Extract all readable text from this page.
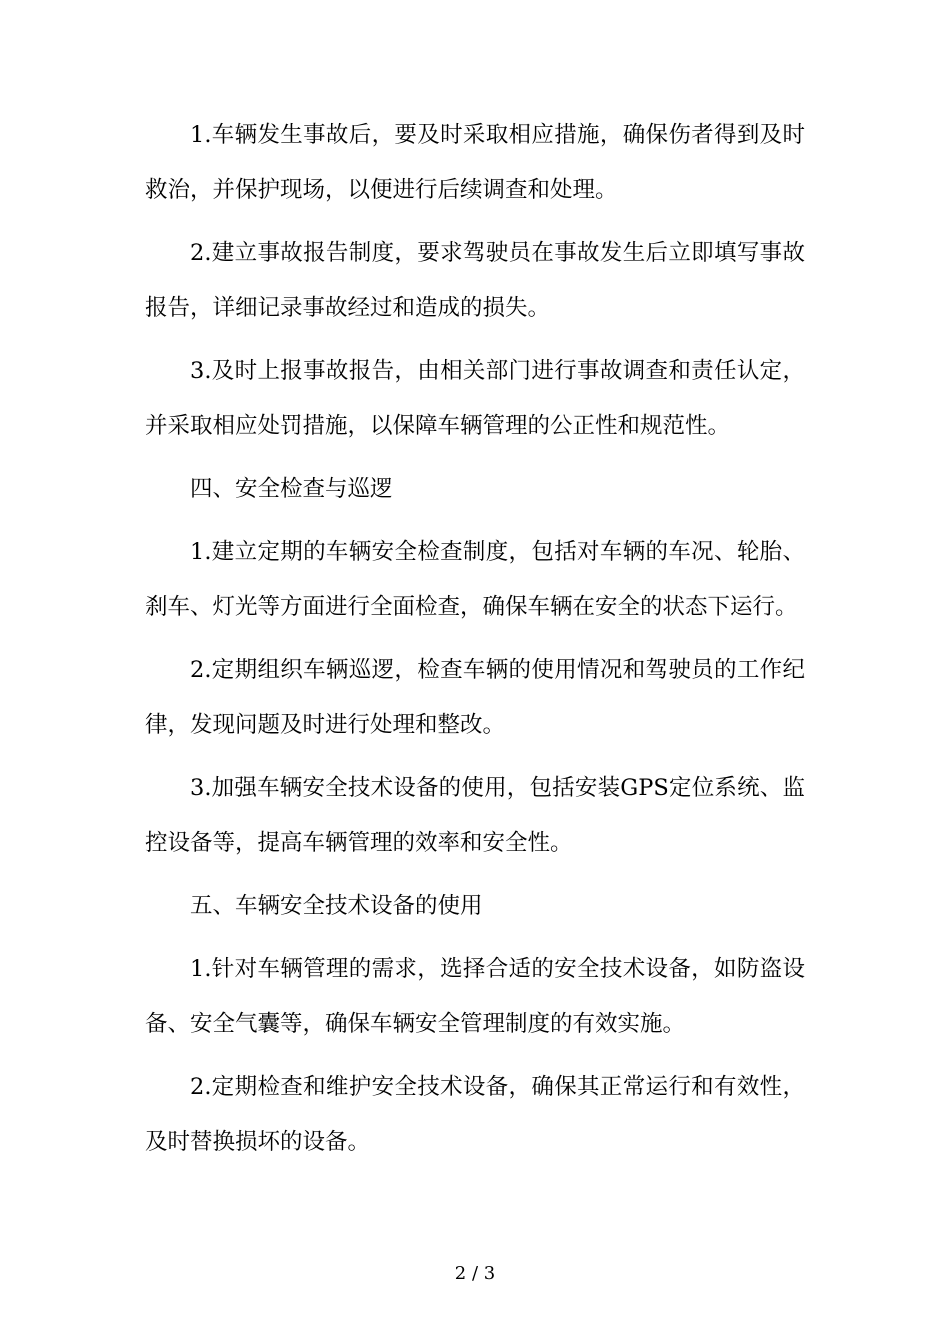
1.车辆发生事故后，要及时采取相应措施，确保伤者得到及时救治，并保护现场，以便进行后续调查和处理。

2.建立事故报告制度，要求驾驶员在事故发生后立即填写事故报告，详细记录事故经过和造成的损失。

3.及时上报事故报告，由相关部门进行事故调查和责任认定，并采取相应处罚措施，以保障车辆管理的公正性和规范性。

四、安全检查与巡逻

1.建立定期的车辆安全检查制度，包括对车辆的车况、轮胎、刹车、灯光等方面进行全面检查，确保车辆在安全的状态下运行。

2.定期组织车辆巡逻，检查车辆的使用情况和驾驶员的工作纪律，发现问题及时进行处理和整改。

3.加强车辆安全技术设备的使用，包括安装GPS定位系统、监控设备等，提高车辆管理的效率和安全性。

五、车辆安全技术设备的使用

1.针对车辆管理的需求，选择合适的安全技术设备，如防盗设备、安全气囊等，确保车辆安全管理制度的有效实施。

2.定期检查和维护安全技术设备，确保其正常运行和有效性，及时替换损坏的设备。

2 / 3
